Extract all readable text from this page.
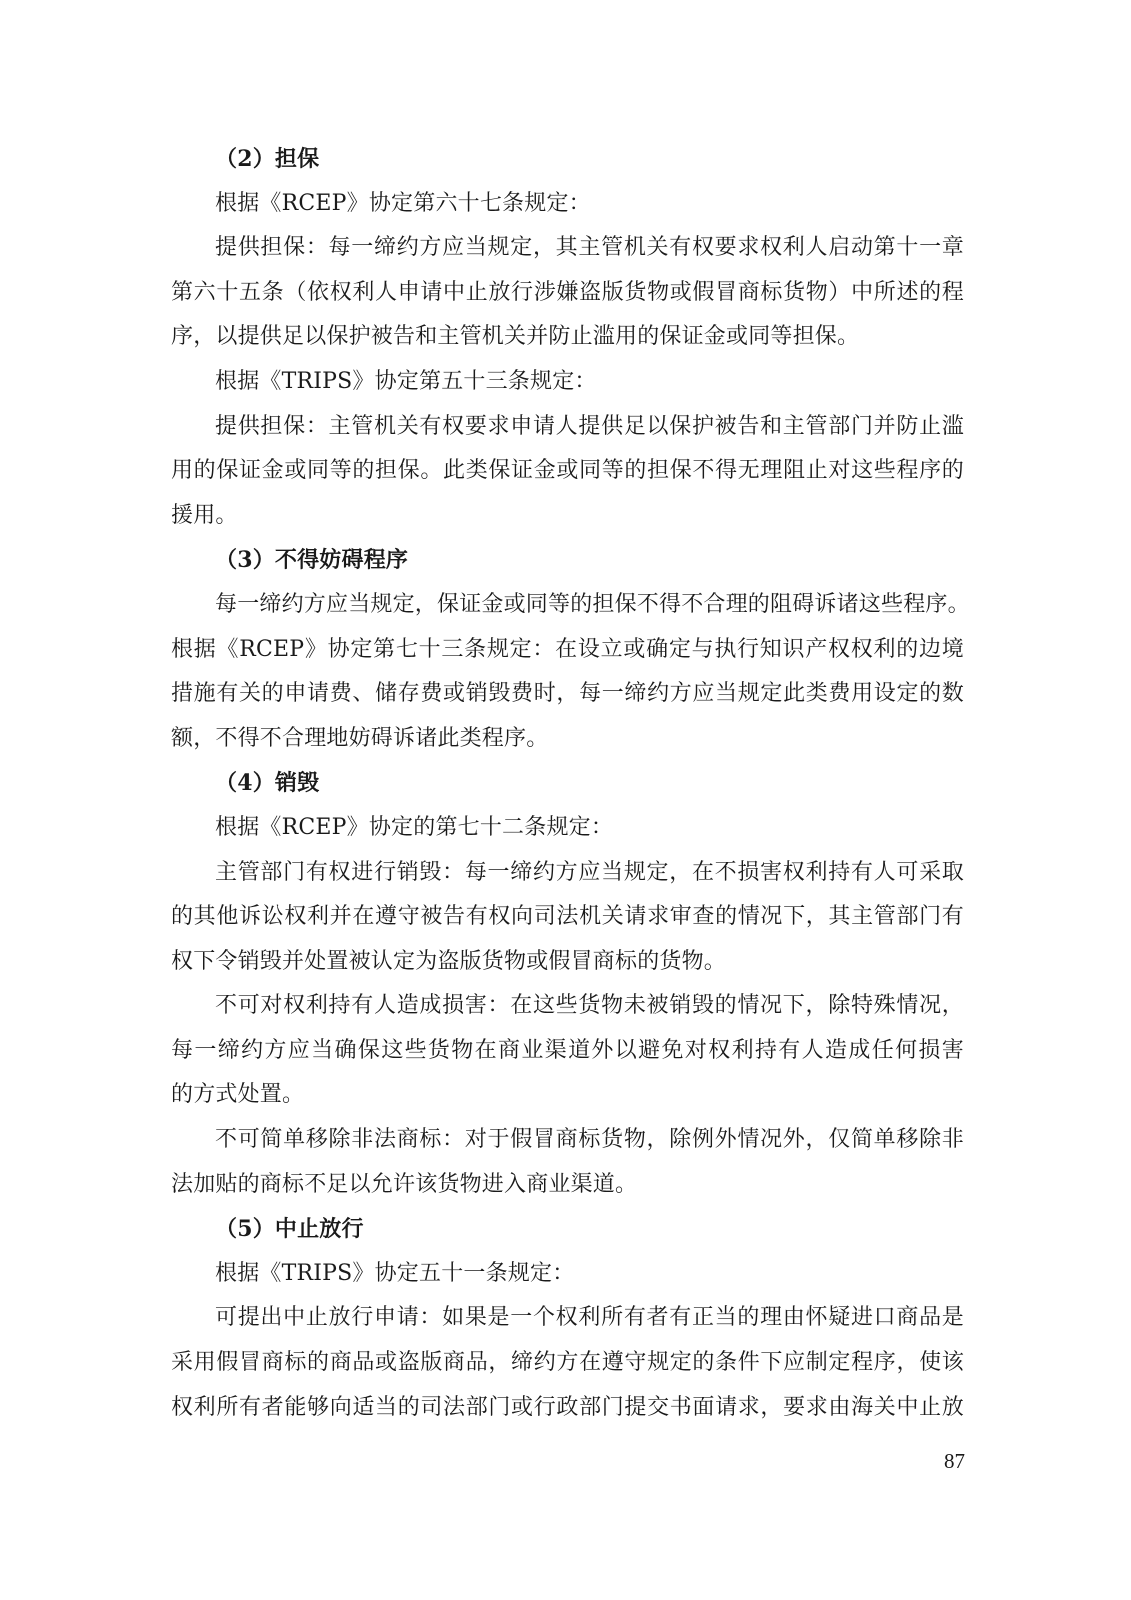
（2）担保
根据《RCEP》协定第六十七条规定：
提供担保：每一缔约方应当规定，其主管机关有权要求权利人启动第十一章
第六十五条（依权利人申请中止放行涉嫌盗版货物或假冒商标货物）中所述的程
序，以提供足以保护被告和主管机关并防止滥用的保证金或同等担保。
根据《TRIPS》协定第五十三条规定：
提供担保：主管机关有权要求申请人提供足以保护被告和主管部门并防止滥
用的保证金或同等的担保。此类保证金或同等的担保不得无理阻止对这些程序的
援用。
（3）不得妨碍程序
每一缔约方应当规定，保证金或同等的担保不得不合理的阻碍诉诸这些程序。
根据《RCEP》协定第七十三条规定：在设立或确定与执行知识产权权利的边境
措施有关的申请费、储存费或销毁费时，每一缔约方应当规定此类费用设定的数
额，不得不合理地妨碍诉诸此类程序。
（4）销毁
根据《RCEP》协定的第七十二条规定：
主管部门有权进行销毁：每一缔约方应当规定，在不损害权利持有人可采取
的其他诉讼权利并在遵守被告有权向司法机关请求审查的情况下，其主管部门有
权下令销毁并处置被认定为盗版货物或假冒商标的货物。
不可对权利持有人造成损害：在这些货物未被销毁的情况下，除特殊情况，
每一缔约方应当确保这些货物在商业渠道外以避免对权利持有人造成任何损害
的方式处置。
不可简单移除非法商标：对于假冒商标货物，除例外情况外，仅简单移除非
法加贴的商标不足以允许该货物进入商业渠道。
（5）中止放行
根据《TRIPS》协定五十一条规定：
可提出中止放行申请：如果是一个权利所有者有正当的理由怀疑进口商品是
采用假冒商标的商品或盗版商品，缔约方在遵守规定的条件下应制定程序，使该
权利所有者能够向适当的司法部门或行政部门提交书面请求，要求由海关中止放
87
